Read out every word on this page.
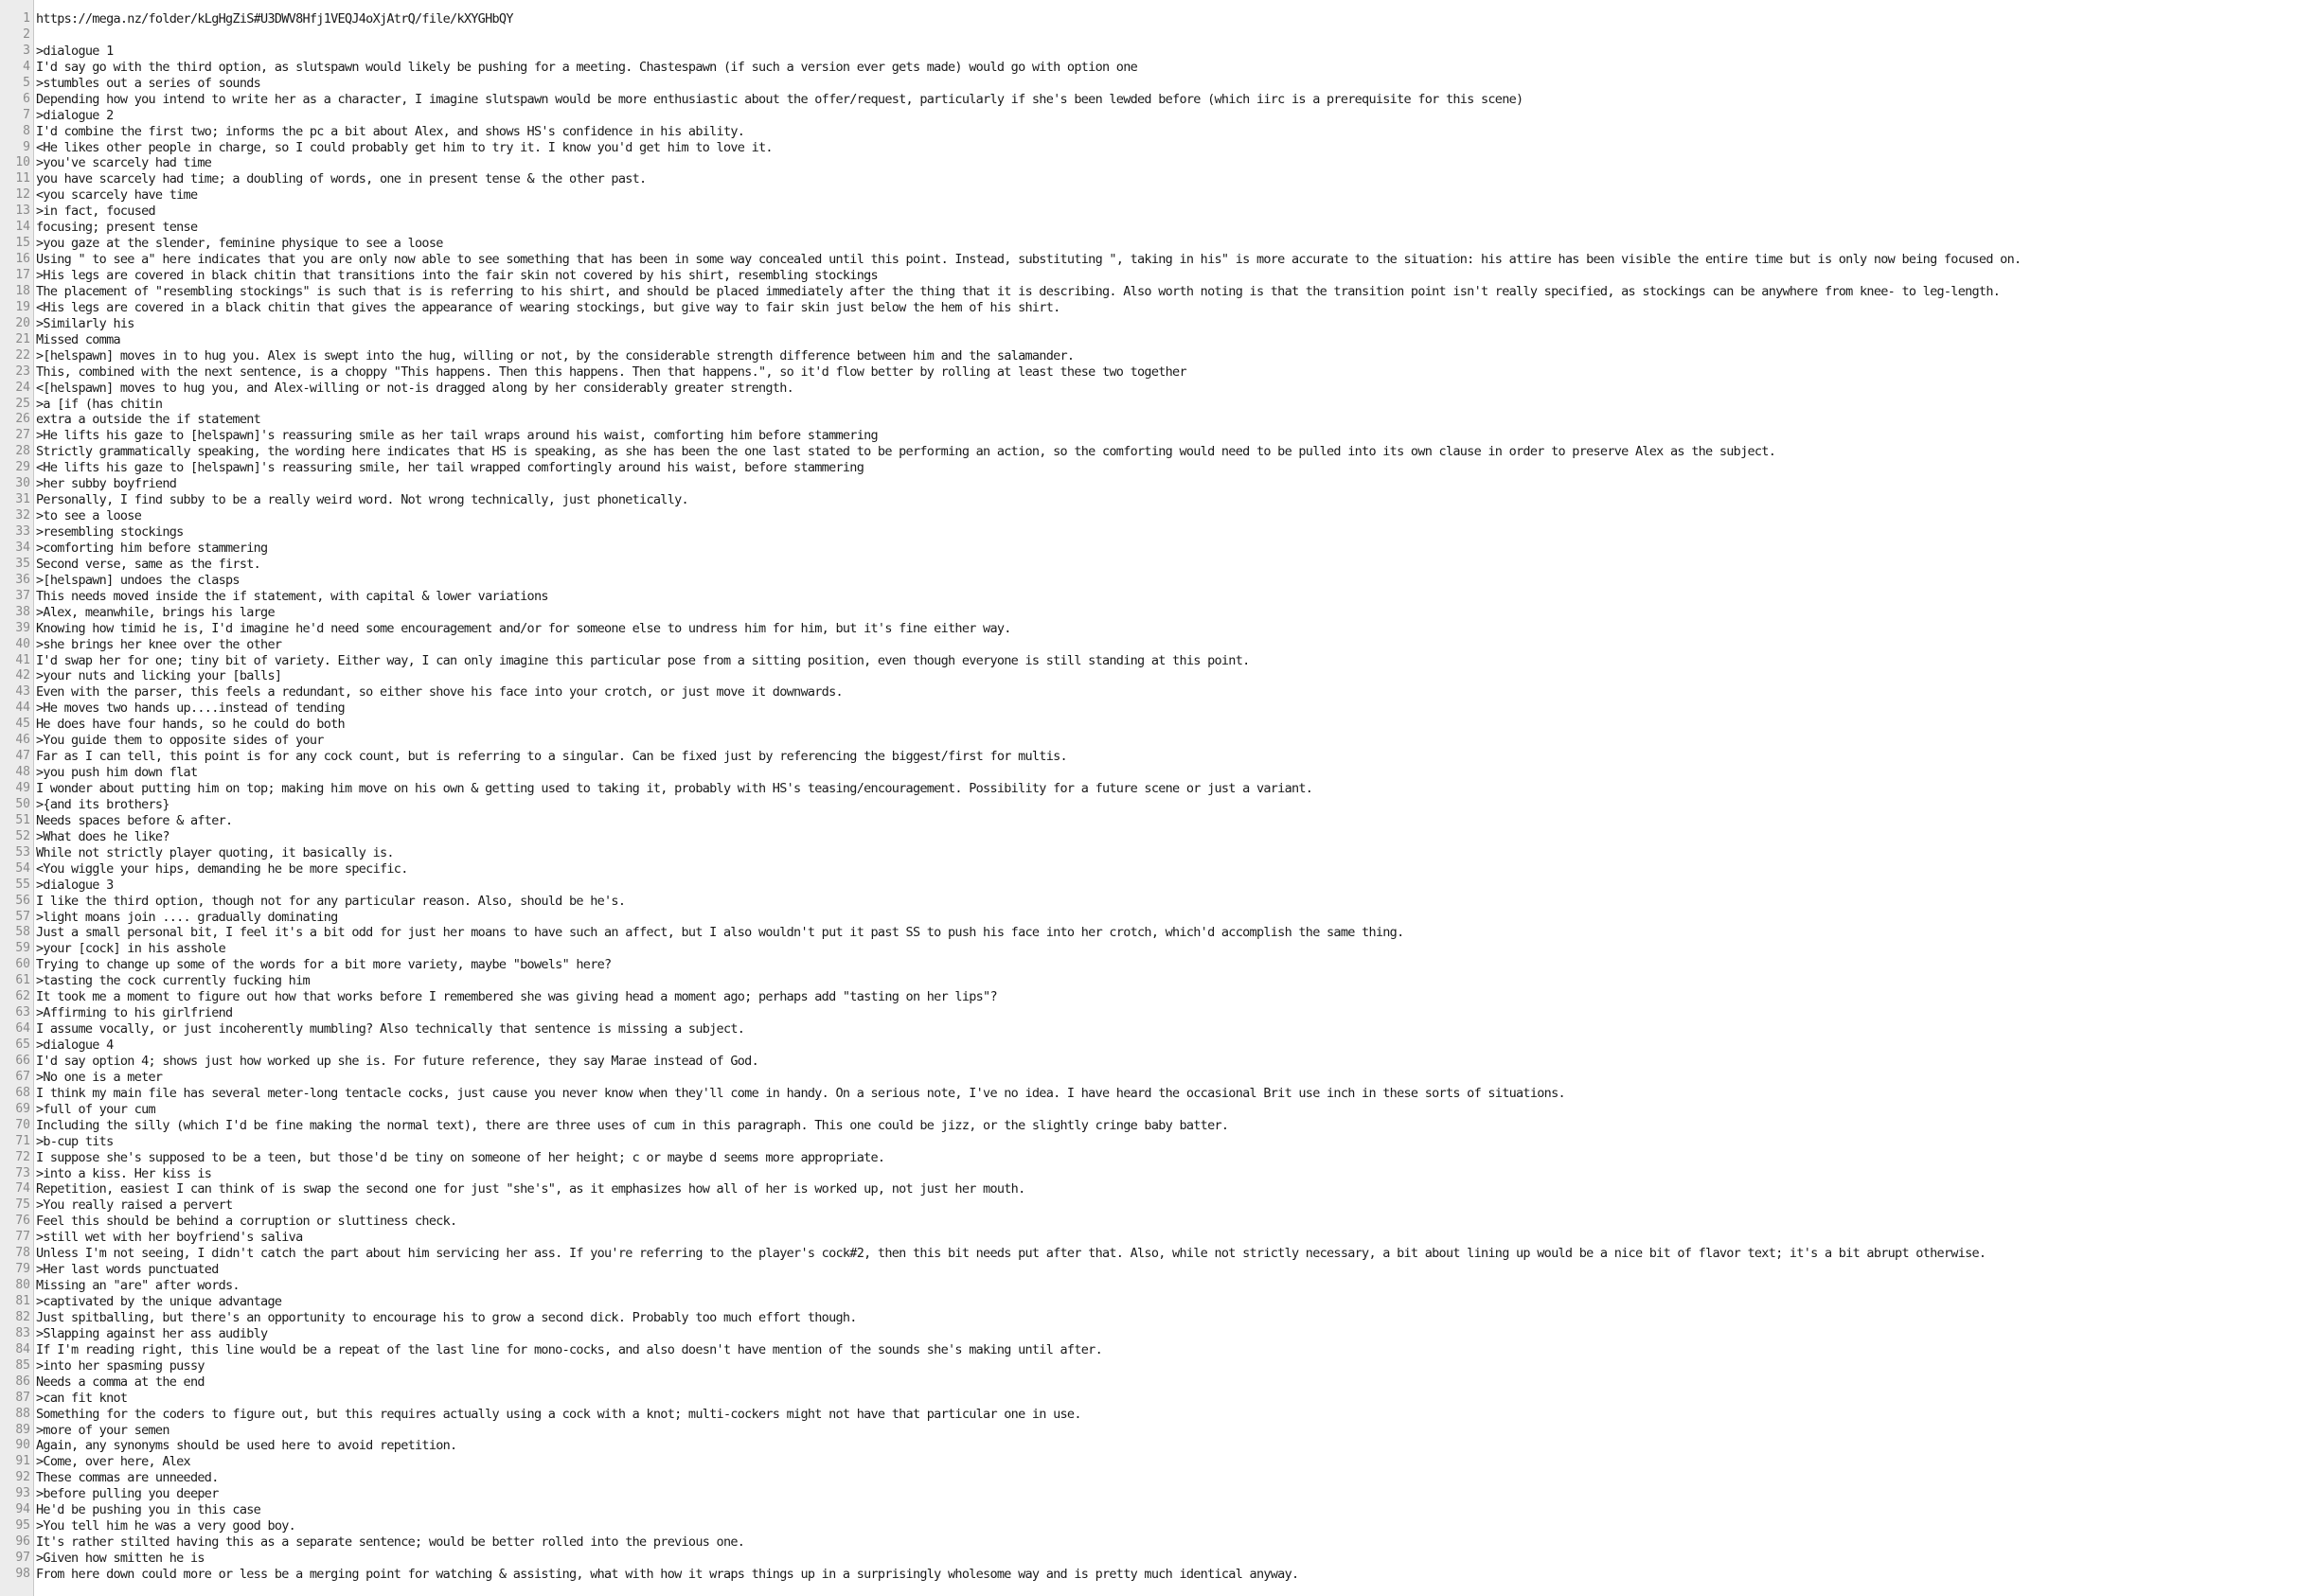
1 https://mega.nz/folder/kLgHgZiS#U3DWV8Hfj1VEQJ4oXjAtrQ/file/kXYGHbQY
2
3 >dialogue 1
4 I'd say go with the third option, as slutspawn would likely be pushing for a meeting. Chastespawn (if such a version ever gets made) would go with option one
5 >stumbles out a series of sounds
6 Depending how you intend to write her as a character, I imagine slutspawn would be more enthusiastic about the offer/request, particularly if she's been lewded before (which iirc is a prerequisite for this scene)
7 >dialogue 2
8 I'd combine the first two; informs the pc a bit about Alex, and shows HS's confidence in his ability.
9 <He likes other people in charge, so I could probably get him to try it. I know you'd get him to love it.
10 >you've scarcely had time
11 you have scarcely had time; a doubling of words, one in present tense & the other past.
12 <you scarcely have time
13 >in fact, focused
14 focusing; present tense
15 >you gaze at the slender, feminine physique to see a loose
16 Using " to see a" here indicates that you are only now able to see something that has been in some way concealed until this point. Instead, substituting ", taking in his" is more accurate to the situation: his attire has been visible the entire time but is only now being focused on.
17 >His legs are covered in black chitin that transitions into the fair skin not covered by his shirt, resembling stockings
18 The placement of "resembling stockings" is such that is is referring to his shirt, and should be placed immediately after the thing that it is describing. Also worth noting is that the transition point isn't really specified, as stockings can be anywhere from knee- to leg-length.
19 <His legs are covered in a black chitin that gives the appearance of wearing stockings, but give way to fair skin just below the hem of his shirt.
20 >Similarly his
21 Missed comma
22 >[helspawn] moves in to hug you. Alex is swept into the hug, willing or not, by the considerable strength difference between him and the salamander.
23 This, combined with the next sentence, is a choppy "This happens. Then this happens. Then that happens.", so it'd flow better by rolling at least these two together
24 <[helspawn] moves to hug you, and Alex-willing or not-is dragged along by her considerably greater strength.
25 >a [if (has chitin
26 extra a outside the if statement
27 >He lifts his gaze to [helspawn]'s reassuring smile as her tail wraps around his waist, comforting him before stammering
28 Strictly grammatically speaking, the wording here indicates that HS is speaking, as she has been the one last stated to be performing an action, so the comforting would need to be pulled into its own clause in order to preserve Alex as the subject.
29 <He lifts his gaze to [helspawn]'s reassuring smile, her tail wrapped comfortingly around his waist, before stammering
30 >her subby boyfriend
31 Personally, I find subby to be a really weird word. Not wrong technically, just phonetically.
32 >to see a loose
33 >resembling stockings
34 >comforting him before stammering
35 Second verse, same as the first.
36 >[helspawn] undoes the clasps
37 This needs moved inside the if statement, with capital & lower variations
38 >Alex, meanwhile, brings his large
39 Knowing how timid he is, I'd imagine he'd need some encouragement and/or for someone else to undress him for him, but it's fine either way.
40 >she brings her knee over the other
41 I'd swap her for one; tiny bit of variety. Either way, I can only imagine this particular pose from a sitting position, even though everyone is still standing at this point.
42 >your nuts and licking your [balls]
43 Even with the parser, this feels a redundant, so either shove his face into your crotch, or just move it downwards.
44 >He moves two hands up....instead of tending
45 He does have four hands, so he could do both
46 >You guide them to opposite sides of your
47 Far as I can tell, this point is for any cock count, but is referring to a singular. Can be fixed just by referencing the biggest/first for multis.
48 >you push him down flat
49 I wonder about putting him on top; making him move on his own & getting used to taking it, probably with HS's teasing/encouragement. Possibility for a future scene or just a variant.
50 >{and its brothers}
51 Needs spaces before & after.
52 >What does he like?
53 While not strictly player quoting, it basically is.
54 <You wiggle your hips, demanding he be more specific.
55 >dialogue 3
56 I like the third option, though not for any particular reason. Also, should be he's.
57 >light moans join .... gradually dominating
58 Just a small personal bit, I feel it's a bit odd for just her moans to have such an affect, but I also wouldn't put it past SS to push his face into her crotch, which'd accomplish the same thing.
59 >your [cock] in his asshole
60 Trying to change up some of the words for a bit more variety, maybe "bowels" here?
61 >tasting the cock currently fucking him
62 It took me a moment to figure out how that works before I remembered she was giving head a moment ago; perhaps add "tasting on her lips"?
63 >Affirming to his girlfriend
64 I assume vocally, or just incoherently mumbling? Also technically that sentence is missing a subject.
65 >dialogue 4
66 I'd say option 4; shows just how worked up she is. For future reference, they say Marae instead of God.
67 >No one is a meter
68 I think my main file has several meter-long tentacle cocks, just cause you never know when they'll come in handy. On a serious note, I've no idea. I have heard the occasional Brit use inch in these sorts of situations.
69 >full of your cum
70 Including the silly (which I'd be fine making the normal text), there are three uses of cum in this paragraph. This one could be jizz, or the slightly cringe baby batter.
71 >b-cup tits
72 I suppose she's supposed to be a teen, but those'd be tiny on someone of her height; c or maybe d seems more appropriate.
73 >into a kiss. Her kiss is
74 Repetition, easiest I can think of is swap the second one for just "she's", as it emphasizes how all of her is worked up, not just her mouth.
75 >You really raised a pervert
76 Feel this should be behind a corruption or sluttiness check.
77 >still wet with her boyfriend's saliva
78 Unless I'm not seeing, I didn't catch the part about him servicing her ass. If you're referring to the player's cock#2, then this bit needs put after that. Also, while not strictly necessary, a bit about lining up would be a nice bit of flavor text; it's a bit abrupt otherwise.
79 >Her last words punctuated
80 Missing an "are" after words.
81 >captivated by the unique advantage
82 Just spitballing, but there's an opportunity to encourage his to grow a second dick. Probably too much effort though.
83 >Slapping against her ass audibly
84 If I'm reading right, this line would be a repeat of the last line for mono-cocks, and also doesn't have mention of the sounds she's making until after.
85 >into her spasming pussy
86 Needs a comma at the end
87 >can fit knot
88 Something for the coders to figure out, but this requires actually using a cock with a knot; multi-cockers might not have that particular one in use.
89 >more of your semen
90 Again, any synonyms should be used here to avoid repetition.
91 >Come, over here, Alex
92 These commas are unneeded.
93 >before pulling you deeper
94 He'd be pushing you in this case
95 >You tell him he was a very good boy.
96 It's rather stilted having this as a separate sentence; would be better rolled into the previous one.
97 >Given how smitten he is
98 From here down could more or less be a merging point for watching & assisting, what with how it wraps things up in a surprisingly wholesome way and is pretty much identical anyway.
